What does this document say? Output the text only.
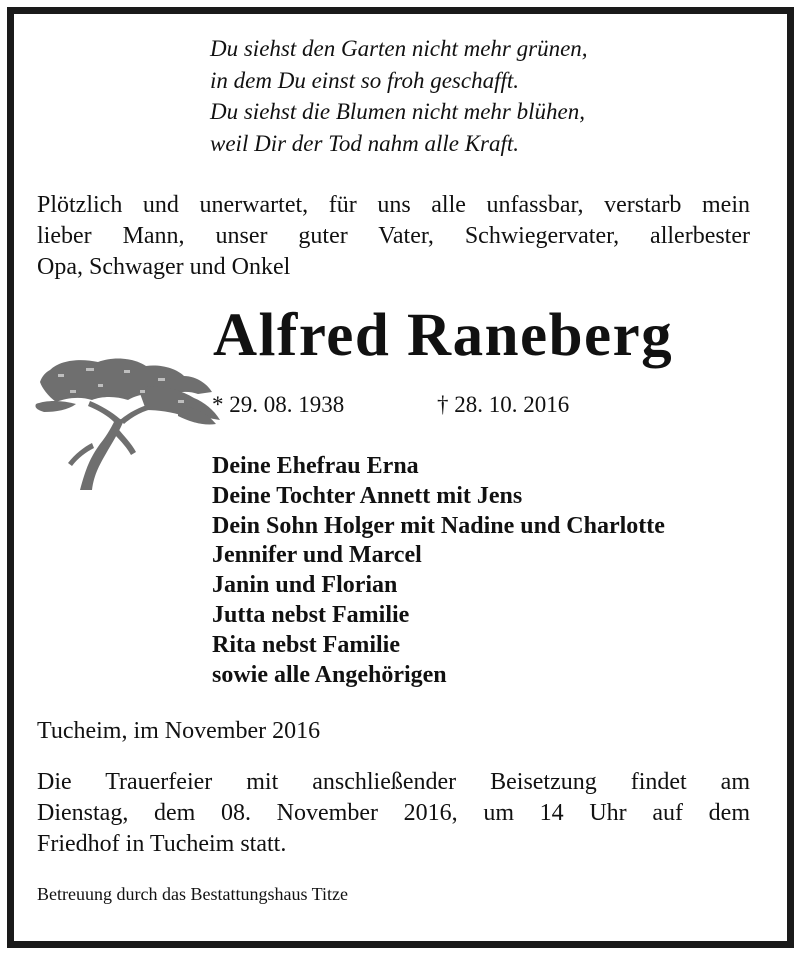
Du siehst den Garten nicht mehr grünen,
in dem Du einst so froh geschafft.
Du siehst die Blumen nicht mehr blühen,
weil Dir der Tod nahm alle Kraft.
Plötzlich und unerwartet, für uns alle unfassbar, verstarb mein
lieber Mann, unser guter Vater, Schwiegervater, allerbester
Opa, Schwager und Onkel
Alfred Raneberg
* 29. 08. 1938	† 28. 10. 2016
Deine Ehefrau Erna
Deine Tochter Annett mit Jens
Dein Sohn Holger mit Nadine und Charlotte
Jennifer und Marcel
Janin und Florian
Jutta nebst Familie
Rita nebst Familie
sowie alle Angehörigen
Tucheim, im November 2016
Die Trauerfeier mit anschließender Beisetzung findet am
Dienstag, dem 08. November 2016, um 14 Uhr auf dem
Friedhof in Tucheim statt.
Betreuung durch das Bestattungshaus Titze
